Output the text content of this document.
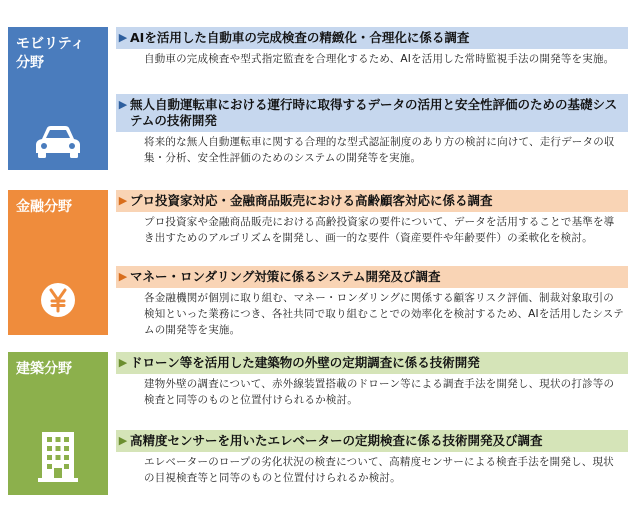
モビリティ
分野
▶ AIを活用した自動車の完成検査の精緻化・合理化に係る調査
自動車の完成検査や型式指定監査を合理化するため、AIを活用した常時監視手法の開発等を実施。
▶ 無人自動運転車における運行時に取得するデータの活用と安全性評価のための基礎システムの技術開発
将来的な無人自動運転車に関する合理的な型式認証制度のあり方の検討に向けて、走行データの収集・分析、安全性評価のためのシステムの開発等を実施。
金融分野	▶ プロ投資家対応・金融商品販売における高齢顧客対応に係る調査
プロ投資家や金融商品販売における高齢投資家の要件について、データを活用することで基準を導き出すためのアルゴリズムを開発し、画一的な要件（資産要件や年齢要件）の柔軟化を検討。
▶ マネー・ロンダリング対策に係るシステム開発及び調査
各金融機関が個別に取り組む、マネー・ロンダリングに関係する顧客リスク評価、制裁対象取引の検知といった業務につき、各社共同で取り組むことでの効率化を検討するため、AIを活用したシステムの開発等を実施。
建築分野	▶ ドローン等を活用した建築物の外壁の定期調査に係る技術開発
建物外壁の調査について、赤外線装置搭載のドローン等による調査手法を開発し、現状の打診等の検査と同等のものと位置付けられるか検討。
▶ 高精度センサーを用いたエレベーターの定期検査に係る技術開発及び調査
エレベーターのロープの劣化状況の検査について、高精度センサーによる検査手法を開発し、現状の目視検査等と同等のものと位置付けられるか検討。
